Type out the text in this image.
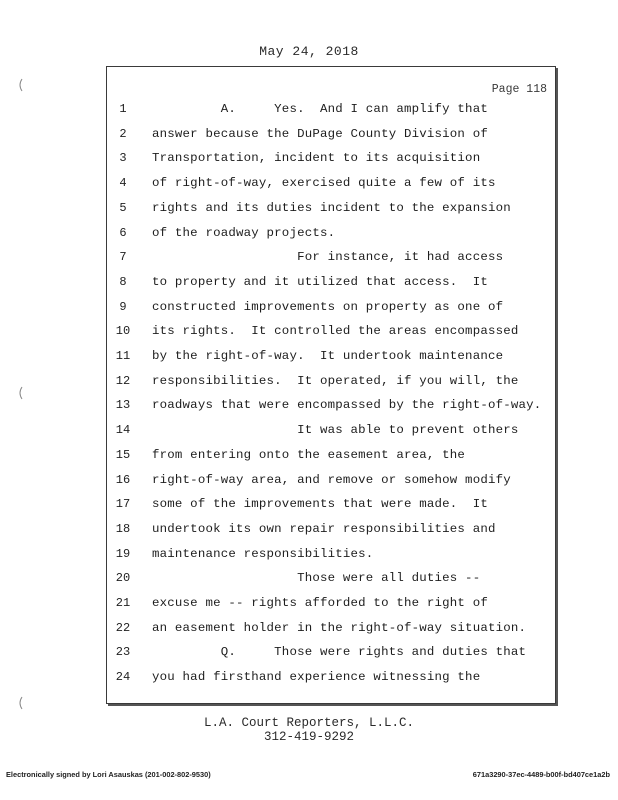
May 24, 2018
Page 118
1	A.     Yes.  And I can amplify that
2	answer because the DuPage County Division of
3	Transportation, incident to its acquisition
4	of right-of-way, exercised quite a few of its
5	rights and its duties incident to the expansion
6	of the roadway projects.
7	For instance, it had access
8	to property and it utilized that access.  It
9	constructed improvements on property as one of
10	its rights.  It controlled the areas encompassed
11	by the right-of-way.  It undertook maintenance
12	responsibilities.  It operated, if you will, the
13	roadways that were encompassed by the right-of-way.
14	It was able to prevent others
15	from entering onto the easement area, the
16	right-of-way area, and remove or somehow modify
17	some of the improvements that were made.  It
18	undertook its own repair responsibilities and
19	maintenance responsibilities.
20	Those were all duties --
21	excuse me -- rights afforded to the right of
22	an easement holder in the right-of-way situation.
23	Q.     Those were rights and duties that
24	you had firsthand experience witnessing the
L.A. Court Reporters, L.L.C.
312-419-9292
Electronically signed by Lori Asauskas (201-002-802-9530)	671a3290-37ec-4489-b00f-bd407ce1a2b
